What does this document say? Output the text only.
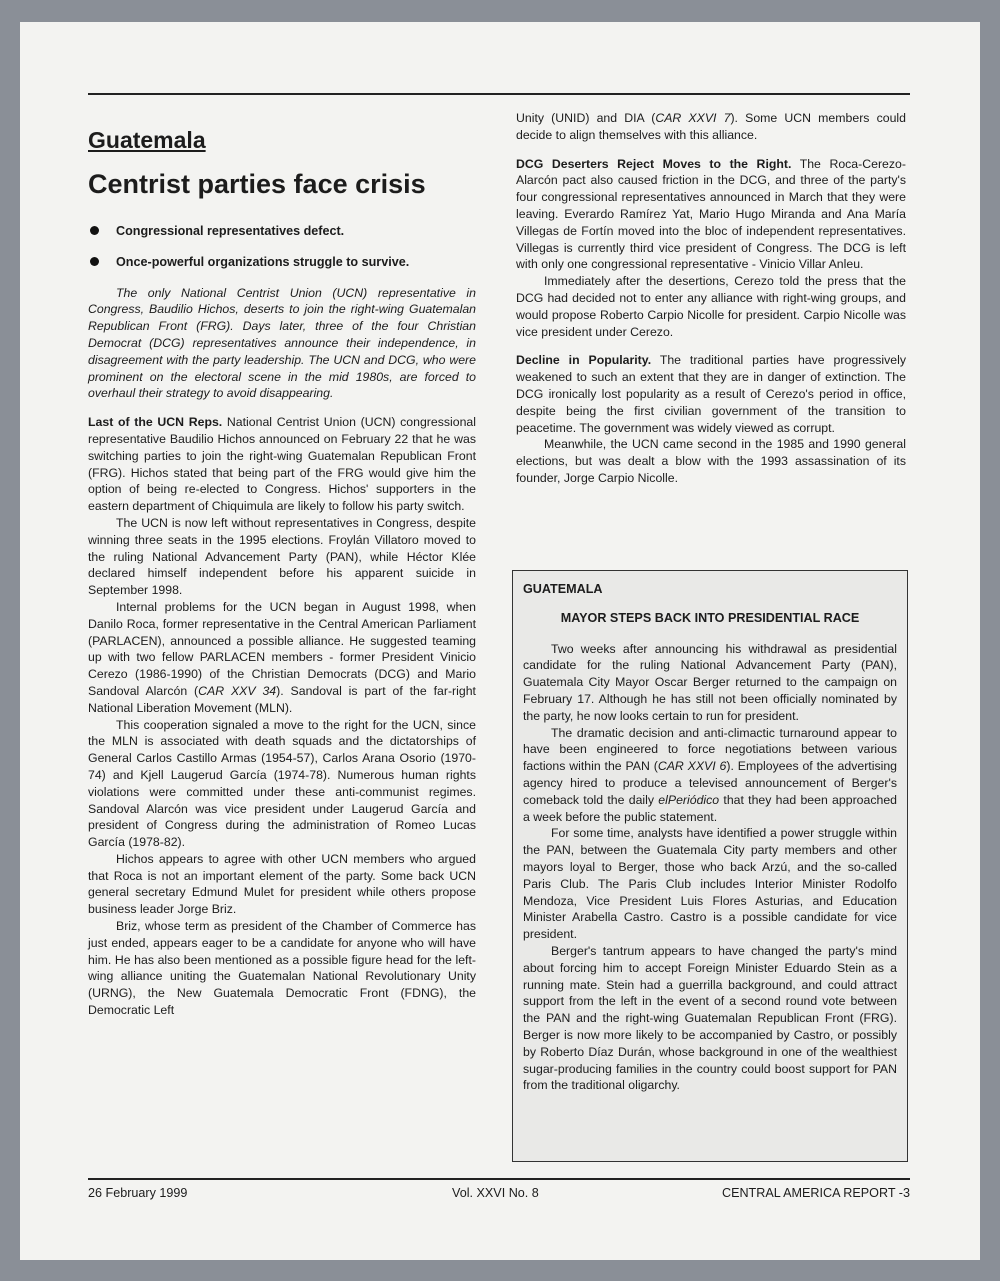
Guatemala
Centrist parties face crisis
Congressional representatives defect.
Once-powerful organizations struggle to survive.

The only National Centrist Union (UCN) representative in Congress, Baudilio Hichos, deserts to join the right-wing Guatemalan Republican Front (FRG). Days later, three of the four Christian Democrat (DCG) representatives announce their independence, in disagreement with the party leadership. The UCN and DCG, who were prominent on the electoral scene in the mid 1980s, are forced to overhaul their strategy to avoid disappearing.

Last of the UCN Reps. National Centrist Union (UCN) congressional representative Baudilio Hichos announced on February 22 that he was switching parties to join the right-wing Guatemalan Republican Front (FRG). Hichos stated that being part of the FRG would give him the option of being re-elected to Congress. Hichos' supporters in the eastern department of Chiquimula are likely to follow his party switch.

The UCN is now left without representatives in Congress, despite winning three seats in the 1995 elections. Froylán Villatoro moved to the ruling National Advancement Party (PAN), while Héctor Klée declared himself independent before his apparent suicide in September 1998.

Internal problems for the UCN began in August 1998, when Danilo Roca, former representative in the Central American Parliament (PARLACEN), announced a possible alliance. He suggested teaming up with two fellow PARLACEN members - former President Vinicio Cerezo (1986-1990) of the Christian Democrats (DCG) and Mario Sandoval Alarcón (CAR XXV 34). Sandoval is part of the far-right National Liberation Movement (MLN).

This cooperation signaled a move to the right for the UCN, since the MLN is associated with death squads and the dictatorships of General Carlos Castillo Armas (1954-57), Carlos Arana Osorio (1970-74) and Kjell Laugerud García (1974-78). Numerous human rights violations were committed under these anti-communist regimes. Sandoval Alarcón was vice president under Laugerud García and president of Congress during the administration of Romeo Lucas García (1978-82).

Hichos appears to agree with other UCN members who argued that Roca is not an important element of the party. Some back UCN general secretary Edmund Mulet for president while others propose business leader Jorge Briz.

Briz, whose term as president of the Chamber of Commerce has just ended, appears eager to be a candidate for anyone who will have him. He has also been mentioned as a possible figure head for the left-wing alliance uniting the Guatemalan National Revolutionary Unity (URNG), the New Guatemala Democratic Front (FDNG), the Democratic Left

Unity (UNID) and DIA (CAR XXVI 7). Some UCN members could decide to align themselves with this alliance.

DCG Deserters Reject Moves to the Right. The Roca-Cerezo-Alarcón pact also caused friction in the DCG, and three of the party's four congressional representatives announced in March that they were leaving. Everardo Ramírez Yat, Mario Hugo Miranda and Ana María Villegas de Fortín moved into the bloc of independent representatives. Villegas is currently third vice president of Congress. The DCG is left with only one congressional representative - Vinicio Villar Anleu.

Immediately after the desertions, Cerezo told the press that the DCG had decided not to enter any alliance with right-wing groups, and would propose Roberto Carpio Nicolle for president. Carpio Nicolle was vice president under Cerezo.

Decline in Popularity. The traditional parties have progressively weakened to such an extent that they are in danger of extinction. The DCG ironically lost popularity as a result of Cerezo's period in office, despite being the first civilian government of the transition to peacetime. The government was widely viewed as corrupt.

Meanwhile, the UCN came second in the 1985 and 1990 general elections, but was dealt a blow with the 1993 assassination of its founder, Jorge Carpio Nicolle.

GUATEMALA
MAYOR STEPS BACK INTO PRESIDENTIAL RACE

Two weeks after announcing his withdrawal as presidential candidate for the ruling National Advancement Party (PAN), Guatemala City Mayor Oscar Berger returned to the campaign on February 17. Although he has still not been officially nominated by the party, he now looks certain to run for president.

The dramatic decision and anti-climactic turnaround appear to have been engineered to force negotiations between various factions within the PAN (CAR XXVI 6). Employees of the advertising agency hired to produce a televised announcement of Berger's comeback told the daily elPeriódico that they had been approached a week before the public statement.

For some time, analysts have identified a power struggle within the PAN, between the Guatemala City party members and other mayors loyal to Berger, those who back Arzú, and the so-called Paris Club. The Paris Club includes Interior Minister Rodolfo Mendoza, Vice President Luis Flores Asturias, and Education Minister Arabella Castro. Castro is a possible candidate for vice president.

Berger's tantrum appears to have changed the party's mind about forcing him to accept Foreign Minister Eduardo Stein as a running mate. Stein had a guerrilla background, and could attract support from the left in the event of a second round vote between the PAN and the right-wing Guatemalan Republican Front (FRG). Berger is now more likely to be accompanied by Castro, or possibly by Roberto Díaz Durán, whose background in one of the wealthiest sugar-producing families in the country could boost support for PAN from the traditional oligarchy.

26 February 1999	Vol. XXVI No. 8	CENTRAL AMERICA REPORT -3
